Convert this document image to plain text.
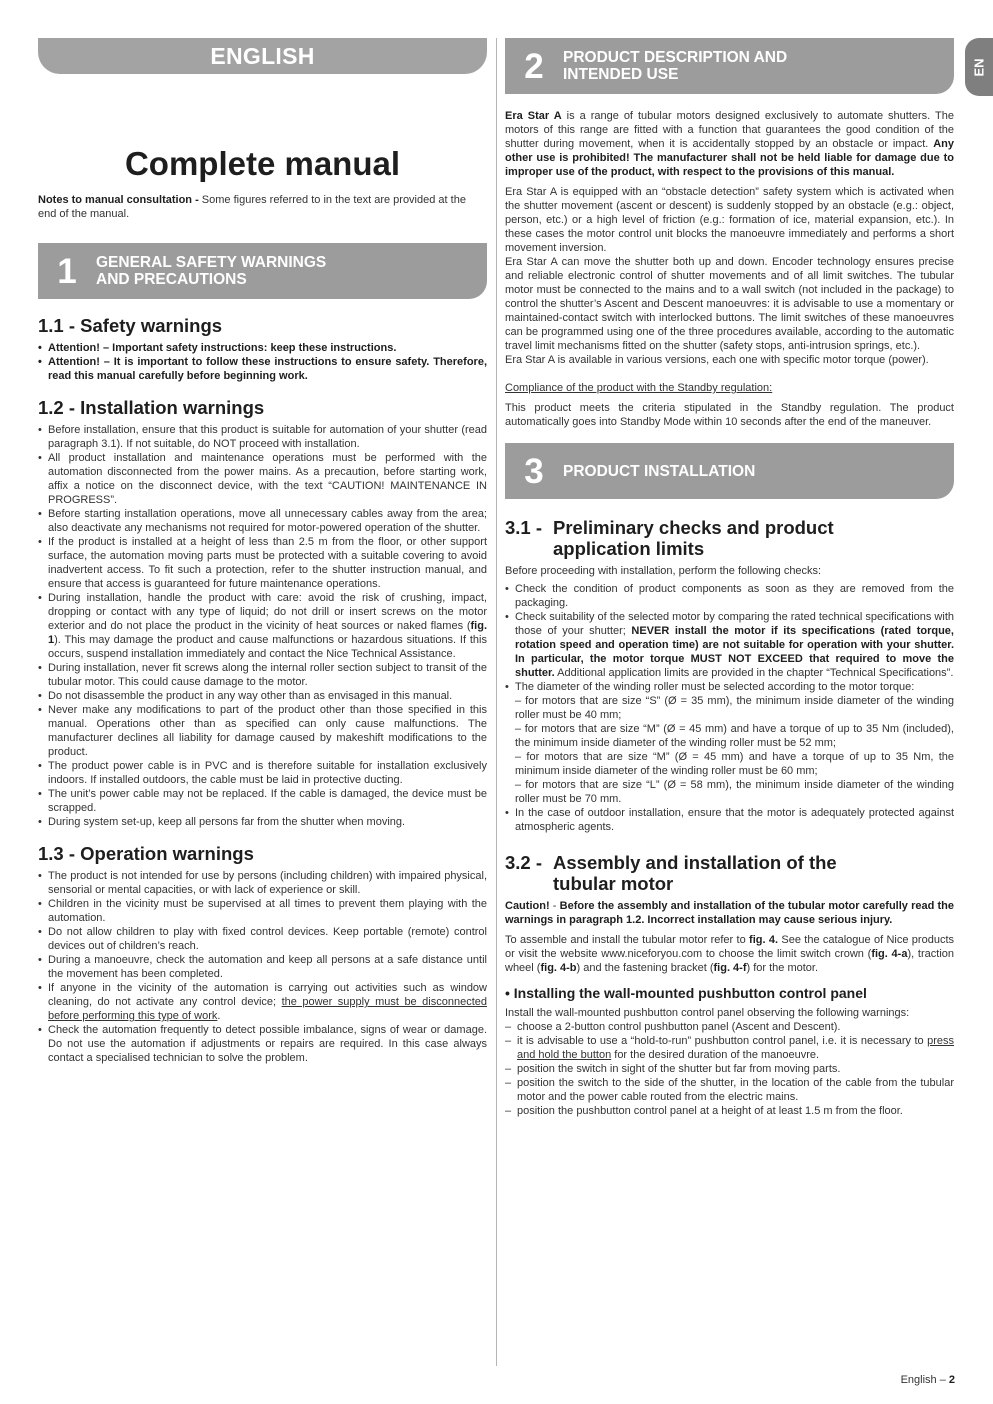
EN
ENGLISH
Complete manual
Notes to manual consultation - Some figures referred to in the text are provided at the end of the manual.
1	GENERAL SAFETY WARNINGS
AND PRECAUTIONS
1.1 - Safety warnings
• Attention! – Important safety instructions: keep these instructions.
• Attention! – It is important to follow these instructions to ensure safety. Therefore, read this manual carefully before beginning work.
1.2 - Installation warnings
• Before installation, ensure that this product is suitable for automation of your shutter (read paragraph 3.1). If not suitable, do NOT proceed with installation.
• All product installation and maintenance operations must be performed with the automation disconnected from the power mains. As a precaution, before starting work, affix a notice on the disconnect device, with the text “CAUTION! MAINTENANCE IN PROGRESS”.
• Before starting installation operations, move all unnecessary cables away from the area; also deactivate any mechanisms not required for motor-powered operation of the shutter.
• If the product is installed at a height of less than 2.5 m from the floor, or other support surface, the automation moving parts must be protected with a suitable covering to avoid inadvertent access. To fit such a protection, refer to the shutter instruction manual, and ensure that access is guaranteed for future maintenance operations.
• During installation, handle the product with care: avoid the risk of crushing, impact, dropping or contact with any type of liquid; do not drill or insert screws on the motor exterior and do not place the product in the vicinity of heat sources or naked flames (fig. 1). This may damage the product and cause malfunctions or hazardous situations. If this occurs, suspend installation immediately and contact the Nice Technical Assistance.
• During installation, never fit screws along the internal roller section subject to transit of the tubular motor. This could cause damage to the motor.
• Do not disassemble the product in any way other than as envisaged in this manual.
• Never make any modifications to part of the product other than those specified in this manual. Operations other than as specified can only cause malfunctions. The manufacturer declines all liability for damage caused by makeshift modifications to the product.
• The product power cable is in PVC and is therefore suitable for installation exclusively indoors. If installed outdoors, the cable must be laid in protective ducting.
• The unit’s power cable may not be replaced. If the cable is damaged, the device must be scrapped.
• During system set-up, keep all persons far from the shutter when moving.
1.3 - Operation warnings
• The product is not intended for use by persons (including children) with impaired physical, sensorial or mental capacities, or with lack of experience or skill.
• Children in the vicinity must be supervised at all times to prevent them playing with the automation.
• Do not allow children to play with fixed control devices. Keep portable (remote) control devices out of children’s reach.
• During a manoeuvre, check the automation and keep all persons at a safe distance until the movement has been completed.
• If anyone in the vicinity of the automation is carrying out activities such as window cleaning, do not activate any control device; the power supply must be disconnected before performing this type of work.
• Check the automation frequently to detect possible imbalance, signs of wear or damage. Do not use the automation if adjustments or repairs are required. In this case always contact a specialised technician to solve the problem.
2	PRODUCT DESCRIPTION AND
INTENDED USE
Era Star A is a range of tubular motors designed exclusively to automate shutters. The motors of this range are fitted with a function that guarantees the good condition of the shutter during movement, when it is accidentally stopped by an obstacle or impact. Any other use is prohibited! The manufacturer shall not be held liable for damage due to improper use of the product, with respect to the provisions of this manual.
Era Star A is equipped with an “obstacle detection” safety system which is activated when the shutter movement (ascent or descent) is suddenly stopped by an obstacle (e.g.: object, person, etc.) or a high level of friction (e.g.: formation of ice, material expansion, etc.). In these cases the motor control unit blocks the manoeuvre immediately and performs a short movement inversion.
Era Star A can move the shutter both up and down. Encoder technology ensures precise and reliable electronic control of shutter movements and of all limit switches. The tubular motor must be connected to the mains and to a wall switch (not included in the package) to control the shutter’s Ascent and Descent manoeuvres: it is advisable to use a momentary or maintained-contact switch with interlocked buttons. The limit switches of these manoeuvres can be programmed using one of the three procedures available, according to the automatic travel limit mechanisms fitted on the shutter (safety stops, anti-intrusion springs, etc.).
Era Star A is available in various versions, each one with specific motor torque (power).
Compliance of the product with the Standby regulation:
This product meets the criteria stipulated in the Standby regulation. The product automatically goes into Standby Mode within 10 seconds after the end of the maneuver.
3	PRODUCT INSTALLATION
3.1 - Preliminary checks and product
application limits
Before proceeding with installation, perform the following checks:
• Check the condition of product components as soon as they are removed from the packaging.
• Check suitability of the selected motor by comparing the rated technical specifications with those of your shutter; NEVER install the motor if its specifications (rated torque, rotation speed and operation time) are not suitable for operation with your shutter. In particular, the motor torque MUST NOT EXCEED that required to move the shutter. Additional application limits are provided in the chapter “Technical Specifications”.
• The diameter of the winding roller must be selected according to the motor torque:
– for motors that are size “S” (Ø = 35 mm), the minimum inside diameter of the winding roller must be 40 mm;
– for motors that are size “M” (Ø = 45 mm) and have a torque of up to 35 Nm (included), the minimum inside diameter of the winding roller must be 52 mm;
– for motors that are size “M” (Ø = 45 mm) and have a torque of up to 35 Nm, the minimum inside diameter of the winding roller must be 60 mm;
– for motors that are size “L” (Ø = 58 mm), the minimum inside diameter of the winding roller must be 70 mm.
• In the case of outdoor installation, ensure that the motor is adequately protected against atmospheric agents.
3.2 - Assembly and installation of the
tubular motor
Caution! - Before the assembly and installation of the tubular motor carefully read the warnings in paragraph 1.2. Incorrect installation may cause serious injury.
To assemble and install the tubular motor refer to fig. 4. See the catalogue of Nice products or visit the website www.niceforyou.com to choose the limit switch crown (fig. 4-a), traction wheel (fig. 4-b) and the fastening bracket (fig. 4-f) for the motor.
• Installing the wall-mounted pushbutton control panel
Install the wall-mounted pushbutton control panel observing the following warnings:
– choose a 2-button control pushbutton panel (Ascent and Descent).
– it is advisable to use a “hold-to-run” pushbutton control panel, i.e. it is necessary to press and hold the button for the desired duration of the manoeuvre.
– position the switch in sight of the shutter but far from moving parts.
– position the switch to the side of the shutter, in the location of the cable from the tubular motor and the power cable routed from the electric mains.
– position the pushbutton control panel at a height of at least 1.5 m from the floor.
English – 2
